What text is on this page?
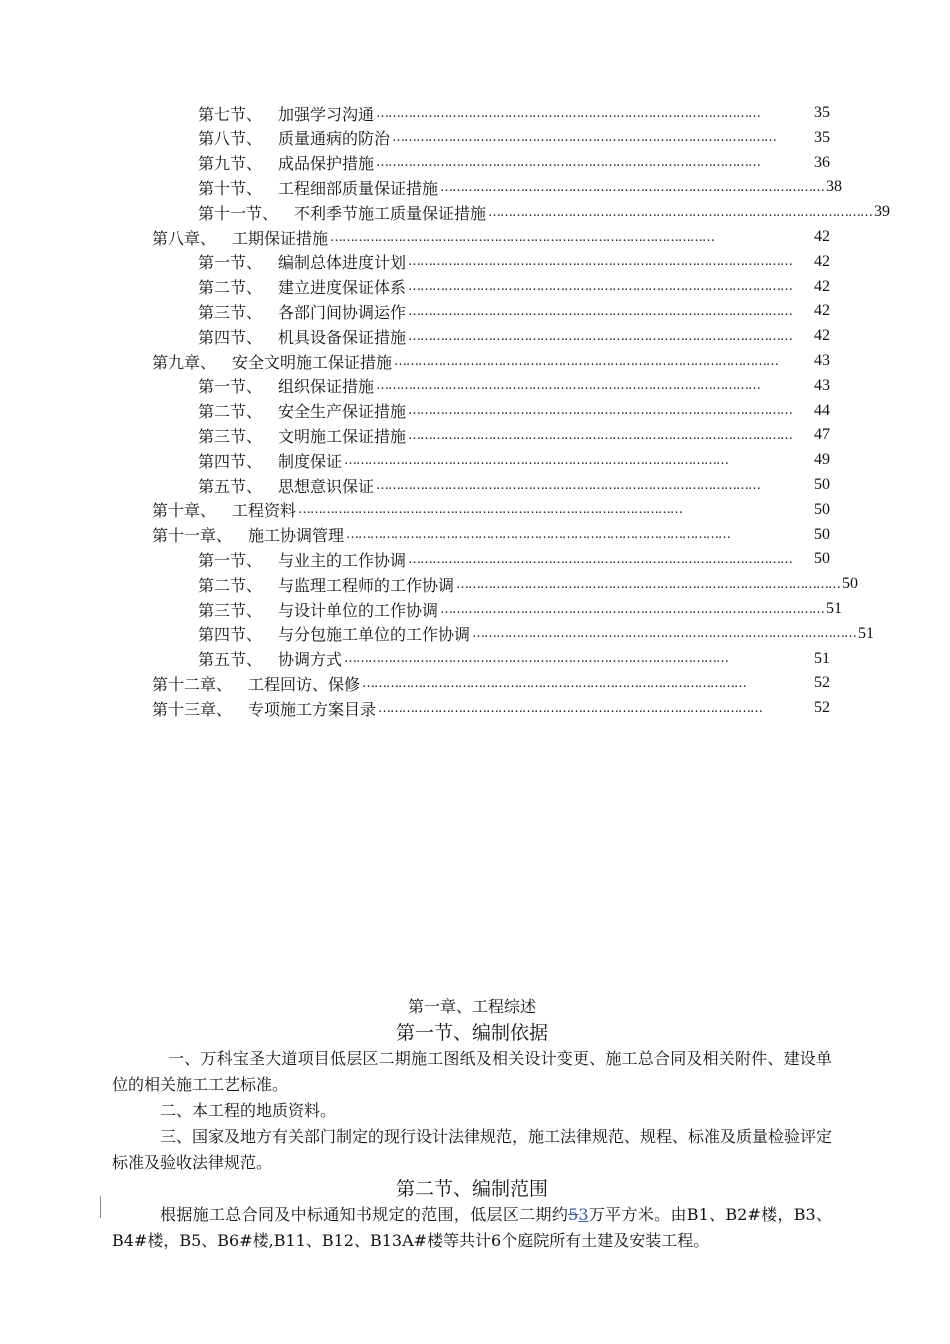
第七节、 加强学习沟通 ……………………………………………………………………………………	35
第八节、 质量通病的防治 ……………………………………………………………………………………	35
第九节、 成品保护措施 ……………………………………………………………………………………	36
第十节、 工程细部质量保证措施 …………………………………………………………………………………… 38
第十一节、 不利季节施工质量保证措施 …………………………………………………………………………………… 39
第八章、 工期保证措施 ……………………………………………………………………………………	42
第一节、 编制总体进度计划 ……………………………………………………………………………………	42
第二节、 建立进度保证体系 ……………………………………………………………………………………	42
第三节、 各部门间协调运作 ……………………………………………………………………………………	42
第四节、 机具设备保证措施 ……………………………………………………………………………………	42
第九章、 安全文明施工保证措施 ……………………………………………………………………………………	43
第一节、 组织保证措施 ……………………………………………………………………………………	43
第二节、 安全生产保证措施 ……………………………………………………………………………………	44
第三节、 文明施工保证措施 ……………………………………………………………………………………	47
第四节、 制度保证 ……………………………………………………………………………………	49
第五节、 思想意识保证 ……………………………………………………………………………………	50
第十章、 工程资料 ……………………………………………………………………………………	50
第十一章、 施工协调管理 ……………………………………………………………………………………	50
第一节、 与业主的工作协调 ……………………………………………………………………………………	50
第二节、 与监理工程师的工作协调 …………………………………………………………………………………… 50
第三节、 与设计单位的工作协调 …………………………………………………………………………………… 51
第四节、 与分包施工单位的工作协调 …………………………………………………………………………………… 51
第五节、 协调方式 ……………………………………………………………………………………	51
第十二章、 工程回访、保修 ……………………………………………………………………………………	52
第十三章、 专项施工方案目录 ……………………………………………………………………………………	52
第一章、工程综述
第一节、编制依据

一、万科宝圣大道项目低层区二期施工图纸及相关设计变更、施工总合同及相关附件、建设单位的相关施工工艺标准。

二、本工程的地质资料。

三、国家及地方有关部门制定的现行设计法律规范，施工法律规范、规程、标准及质量检验评定标准及验收法律规范。

第二节、编制范围

根据施工总合同及中标通知书规定的范围，低层区二期约53万平方米。由B1、B2#楼，B3、B4#楼，B5、B6#楼,B11、B12、B13A#楼等共计6个庭院所有土建及安装工程。
